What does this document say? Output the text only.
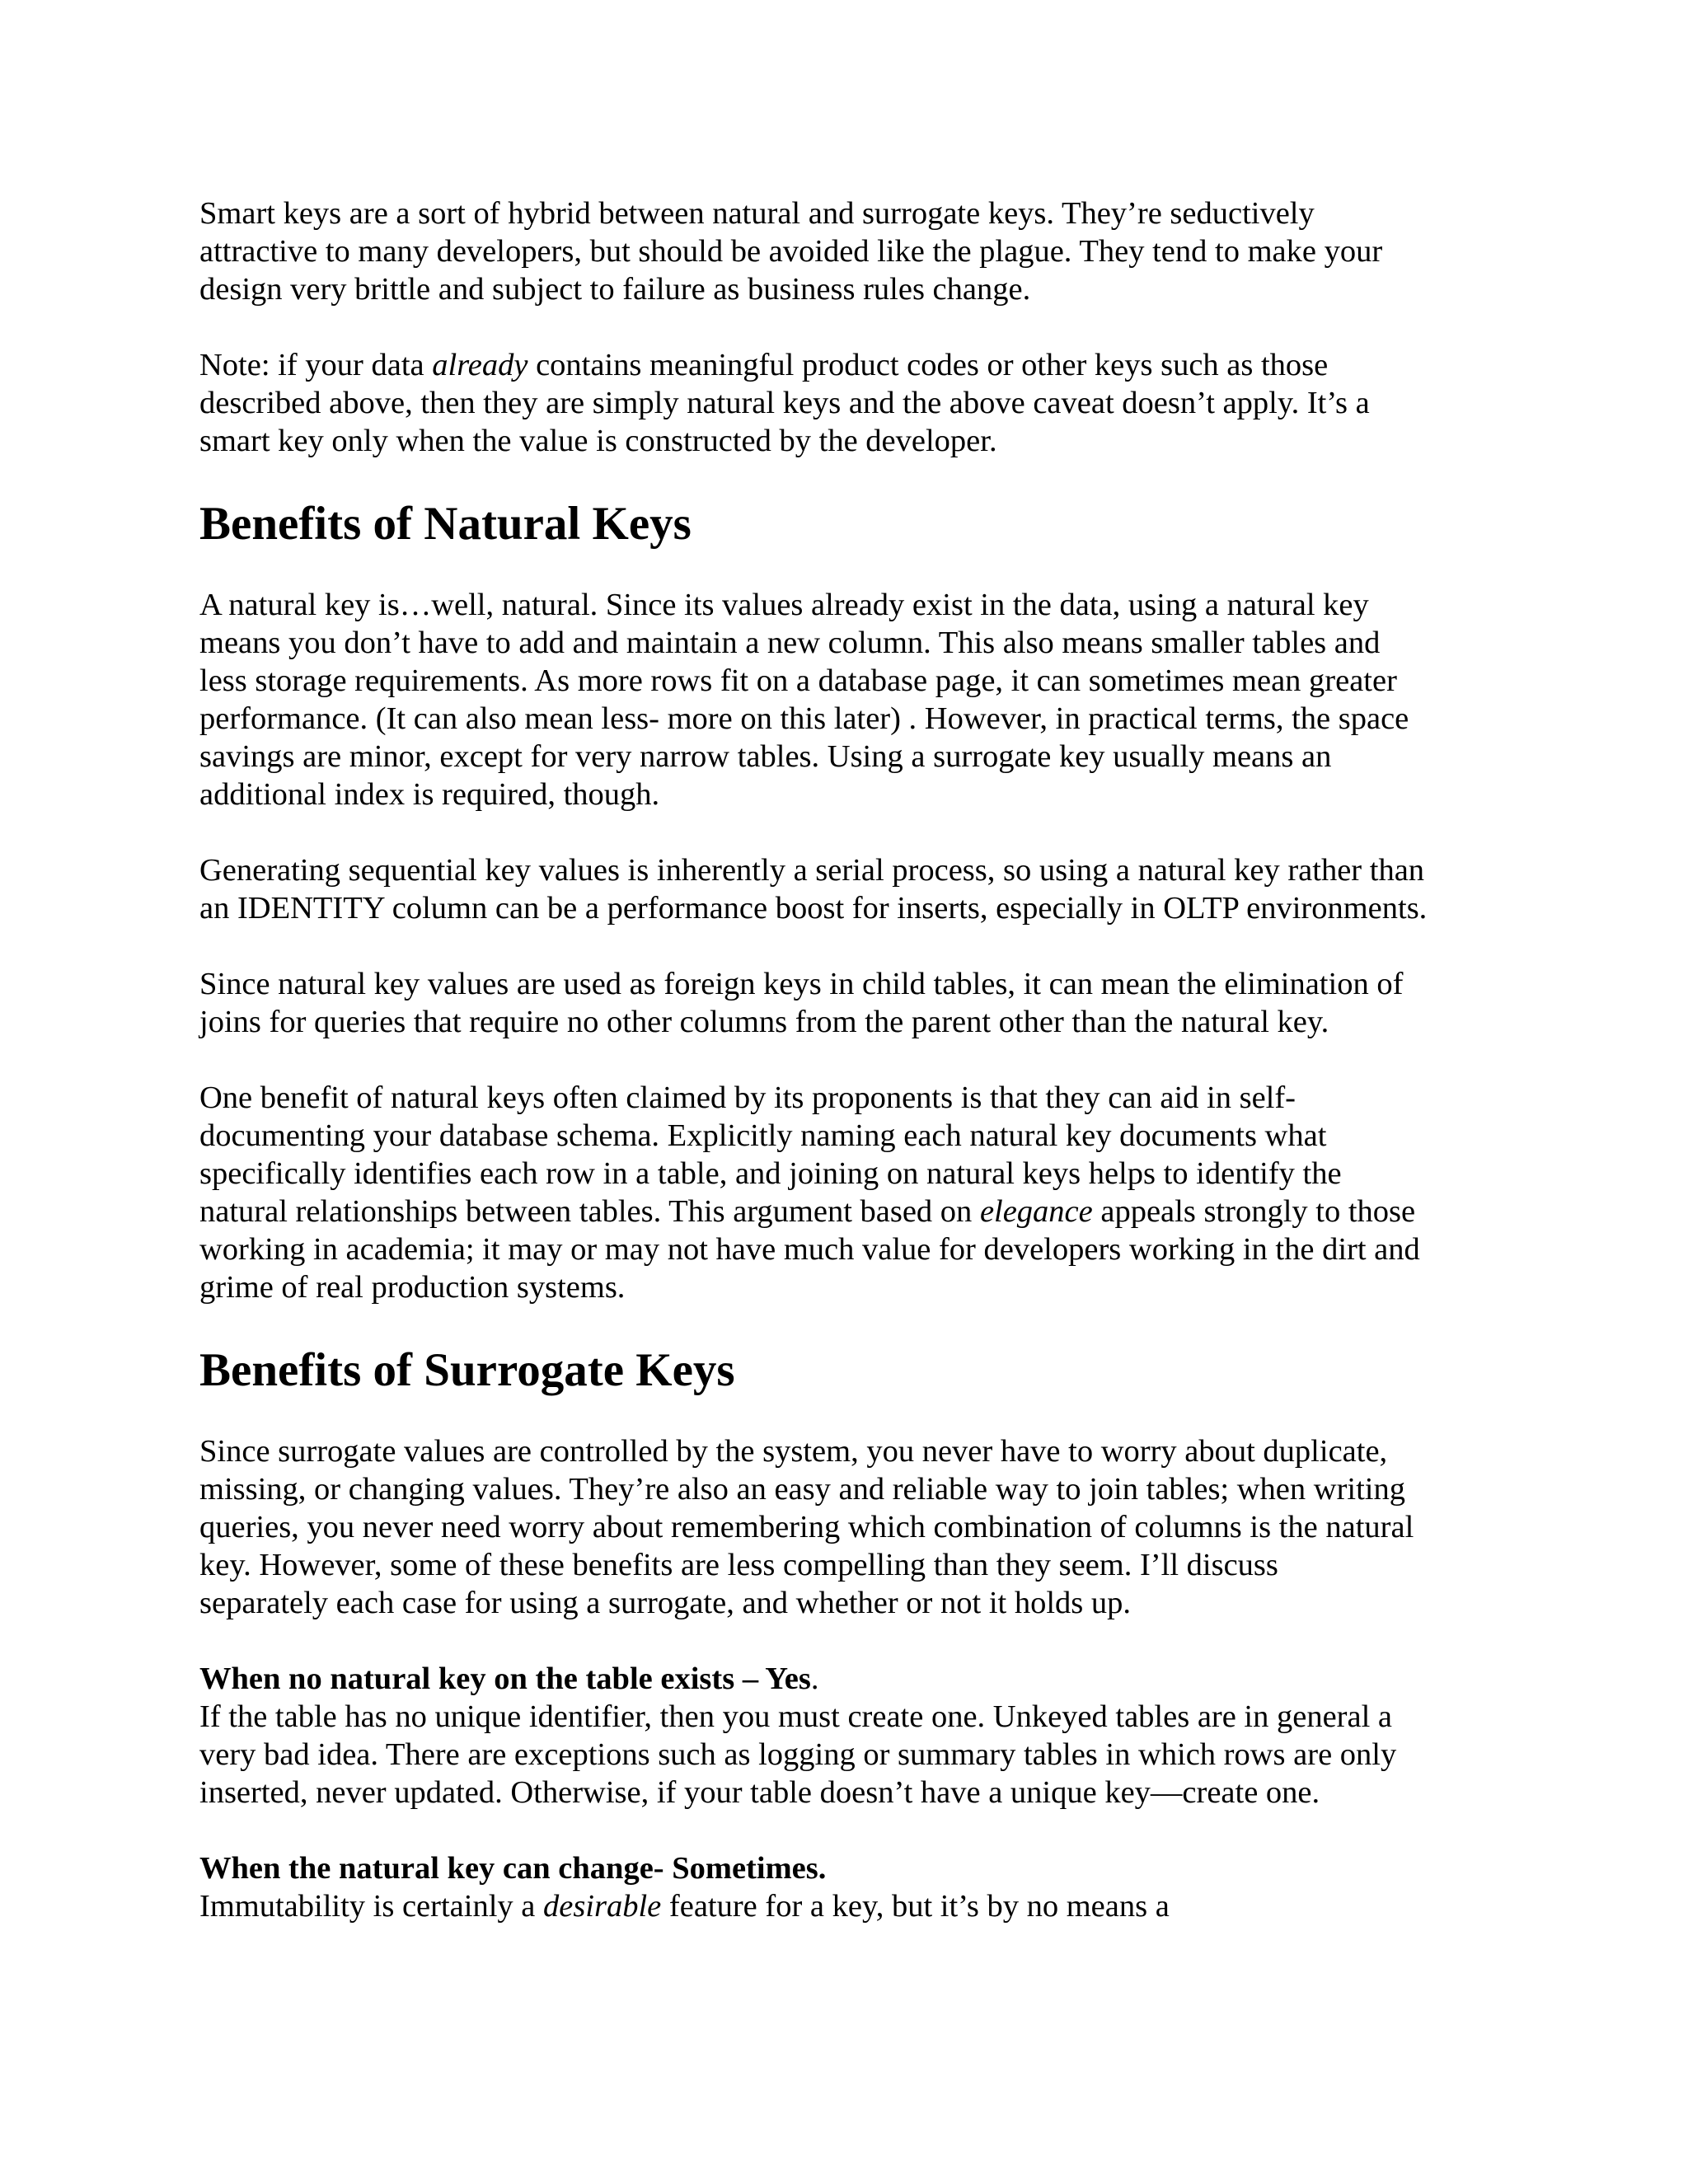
Smart keys are a sort of hybrid between natural and surrogate keys. They’re seductively
attractive to many developers, but should be avoided like the plague. They tend to make your
design very brittle and subject to failure as business rules change.

Note: if your data already contains meaningful product codes or other keys such as those
described above, then they are simply natural keys and the above caveat doesn’t apply. It’s a
smart key only when the value is constructed by the developer.

Benefits of Natural Keys

A natural key is…well, natural. Since its values already exist in the data, using a natural key
means you don’t have to add and maintain a new column. This also means smaller tables and
less storage requirements. As more rows fit on a database page, it can sometimes mean greater
performance. (It can also mean less- more on this later) . However, in practical terms, the space
savings are minor, except for very narrow tables. Using a surrogate key usually means an
additional index is required, though.

Generating sequential key values is inherently a serial process, so using a natural key rather than
an IDENTITY column can be a performance boost for inserts, especially in OLTP environments.

Since natural key values are used as foreign keys in child tables, it can mean the elimination of
joins for queries that require no other columns from the parent other than the natural key.

One benefit of natural keys often claimed by its proponents is that they can aid in self-
documenting your database schema. Explicitly naming each natural key documents what
specifically identifies each row in a table, and joining on natural keys helps to identify the
natural relationships between tables. This argument based on elegance appeals strongly to those
working in academia; it may or may not have much value for developers working in the dirt and
grime of real production systems.

Benefits of Surrogate Keys

Since surrogate values are controlled by the system, you never have to worry about duplicate,
missing, or changing values. They’re also an easy and reliable way to join tables; when writing
queries, you never need worry about remembering which combination of columns is the natural
key. However, some of these benefits are less compelling than they seem. I’ll discuss
separately each case for using a surrogate, and whether or not it holds up.

When no natural key on the table exists – Yes.

If the table has no unique identifier, then you must create one. Unkeyed tables are in general a
very bad idea. There are exceptions such as logging or summary tables in which rows are only
inserted, never updated. Otherwise, if your table doesn’t have a unique key—create one.

When the natural key can change- Sometimes.

Immutability is certainly a desirable feature for a key, but it’s by no means a
